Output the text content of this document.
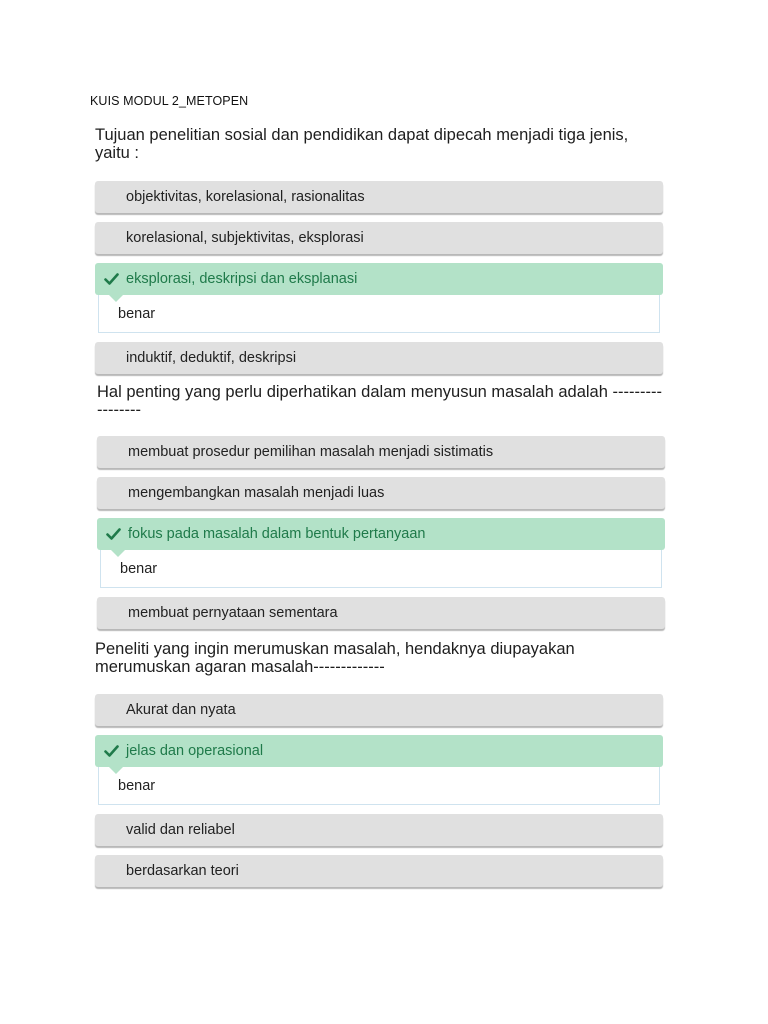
KUIS MODUL 2_METOPEN
Tujuan penelitian sosial dan pendidikan dapat dipecah menjadi tiga jenis, yaitu :
objektivitas, korelasional, rasionalitas
korelasional, subjektivitas, eksplorasi
eksplorasi, deskripsi dan eksplanasi
benar
induktif, deduktif, deskripsi
Hal penting yang perlu diperhatikan dalam menyusun masalah adalah -----------------
membuat prosedur pemilihan masalah menjadi sistimatis
mengembangkan masalah menjadi luas
fokus pada masalah dalam bentuk pertanyaan
benar
membuat pernyataan sementara
Peneliti yang ingin merumuskan masalah, hendaknya diupayakan merumuskan agaran masalah-------------
Akurat dan nyata
jelas dan operasional
benar
valid dan reliabel
berdasarkan teori
